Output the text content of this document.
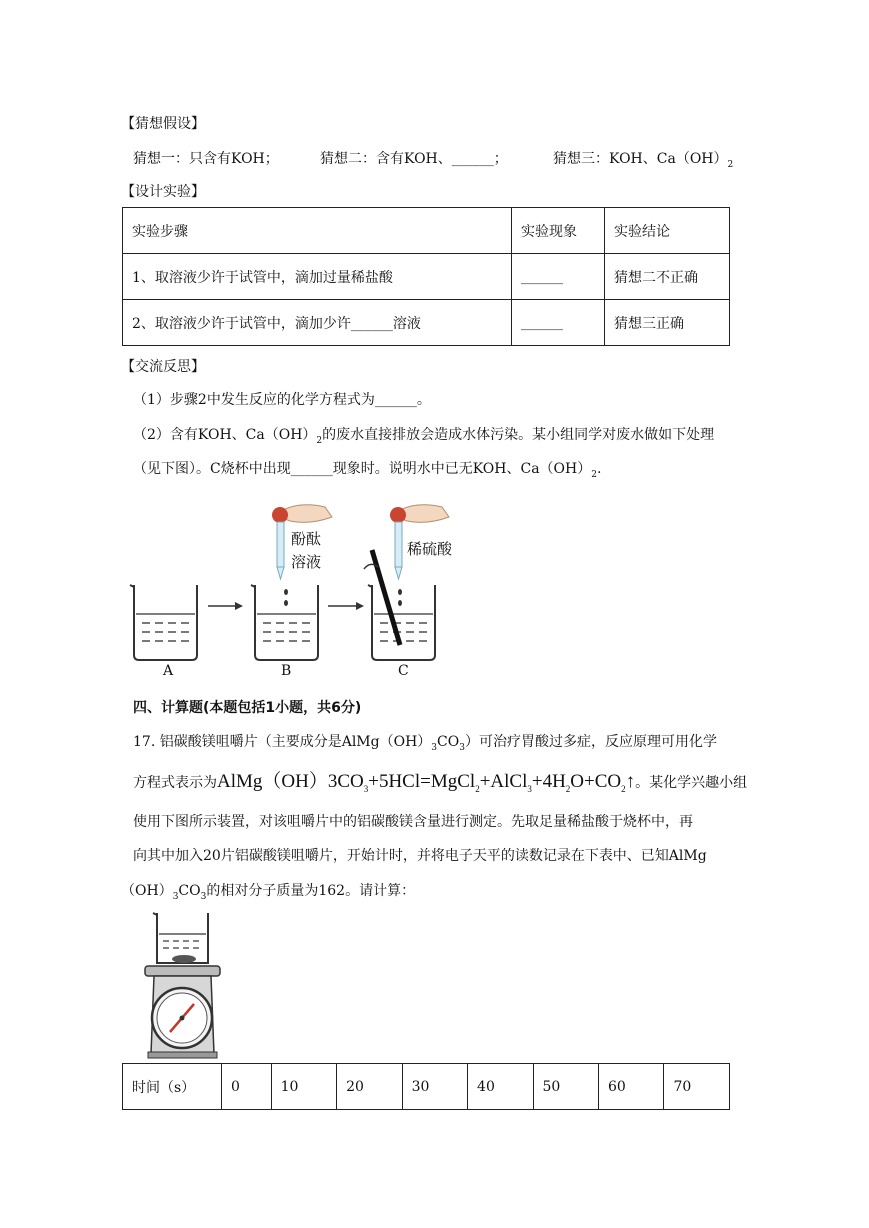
【猜想假设】
猜想一：只含有KOH；	猜想二：含有KOH、______；	猜想三：KOH、$Ca(OH)_2$
【设计实验】
实验步骤	实验现象	实验结论
1、取溶液少许于试管中，滴加过量稀盐酸	______	猜想二不正确
2、取溶液少许于试管中，滴加少许______溶液	______	猜想三正确
【交流反思】
（1）步骤2中发生反应的化学方程式为______。
（2）含有KOH、$Ca(OH)_2$的废水直接排放会造成水体污染。某小组同学对废水做如下处理
（见下图）。C烧杯中出现______现象时。说明水中已无KOH、$Ca(OH)_2$.
酚酞
溶液
稀硫酸
A	B	C
四、计算题(本题包括1小题，共6分)
17. 铝碳酸镁咀嚼片（主要成分是$AlMg(OH)_3CO_3$）可治疗胃酸过多症，反应原理可用化学
方程式表示为$AlMg(OH)3CO_3+5HCl=MgCl_2+AlCl_3+4H_2O+CO_2↑$。某化学兴趣小组
使用下图所示装置，对该咀嚼片中的铝碳酸镁含量进行测定。先取足量稀盐酸于烧杯中，再
向其中加入20片铝碳酸镁咀嚼片，开始计时，并将电子天平的读数记录在下表中、已知AlMg
$(OH)_3CO_3$的相对分子质量为162。请计算：
时间（s）	0	10	20	30	40	50	60	70
